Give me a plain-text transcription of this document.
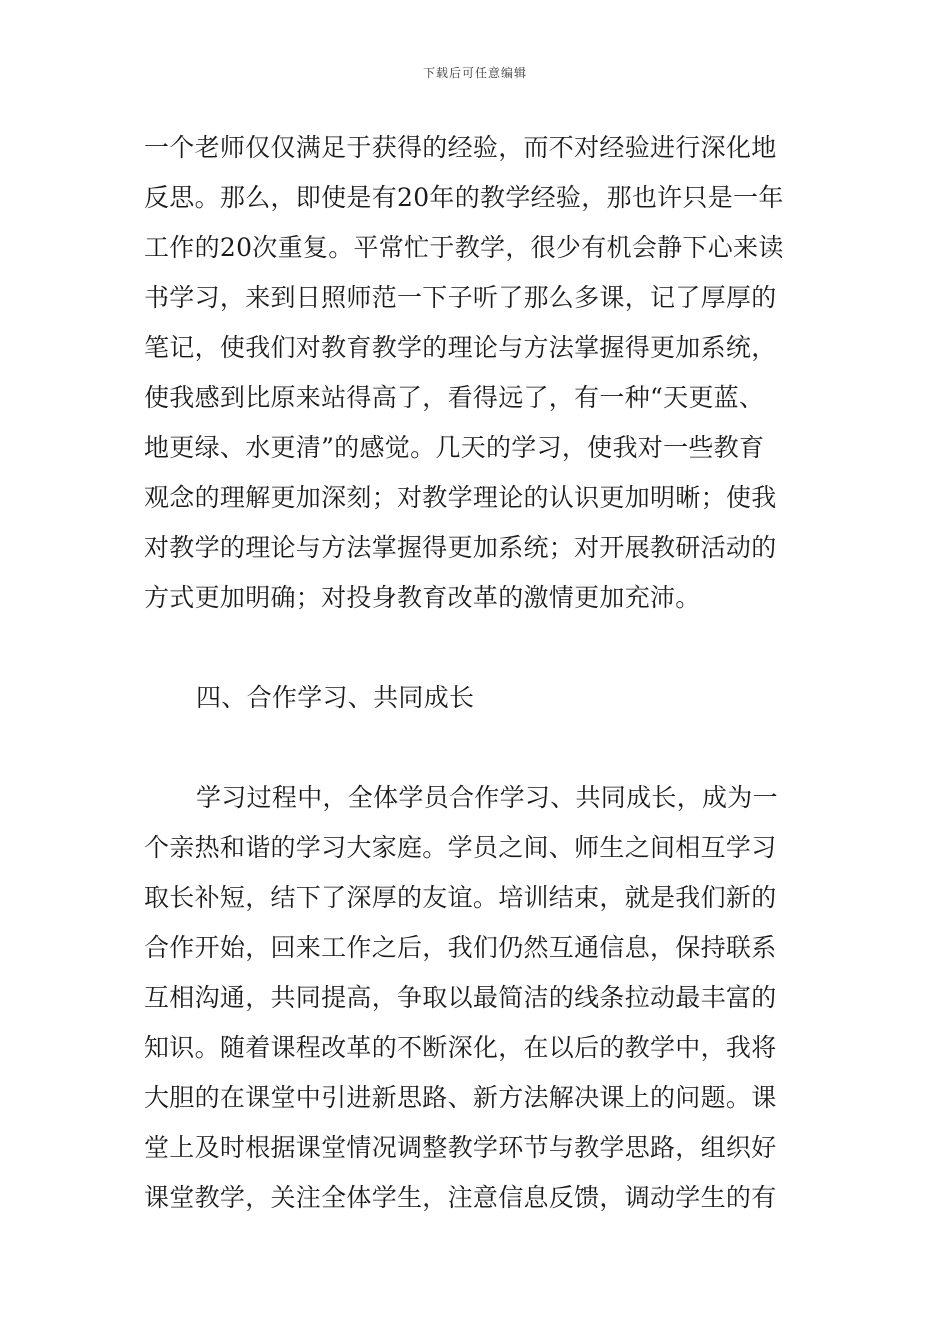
下载后可任意编辑
一个老师仅仅满足于获得的经验，而不对经验进行深化地
反思。那么，即使是有20年的教学经验，那也许只是一年
工作的20次重复。平常忙于教学，很少有机会静下心来读
书学习，来到日照师范一下子听了那么多课，记了厚厚的
笔记，使我们对教育教学的理论与方法掌握得更加系统，
使我感到比原来站得高了，看得远了，有一种“天更蓝、
地更绿、水更清”的感觉。几天的学习，使我对一些教育
观念的理解更加深刻；对教学理论的认识更加明晰；使我
对教学的理论与方法掌握得更加系统；对开展教研活动的
方式更加明确；对投身教育改革的激情更加充沛。
四、合作学习、共同成长
学习过程中，全体学员合作学习、共同成长，成为一
个亲热和谐的学习大家庭。学员之间、师生之间相互学习
取长补短，结下了深厚的友谊。培训结束，就是我们新的
合作开始，回来工作之后，我们仍然互通信息，保持联系
互相沟通，共同提高，争取以最简洁的线条拉动最丰富的
知识。随着课程改革的不断深化，在以后的教学中，我将
大胆的在课堂中引进新思路、新方法解决课上的问题。课
堂上及时根据课堂情况调整教学环节与教学思路，组织好
课堂教学，关注全体学生，注意信息反馈，调动学生的有
